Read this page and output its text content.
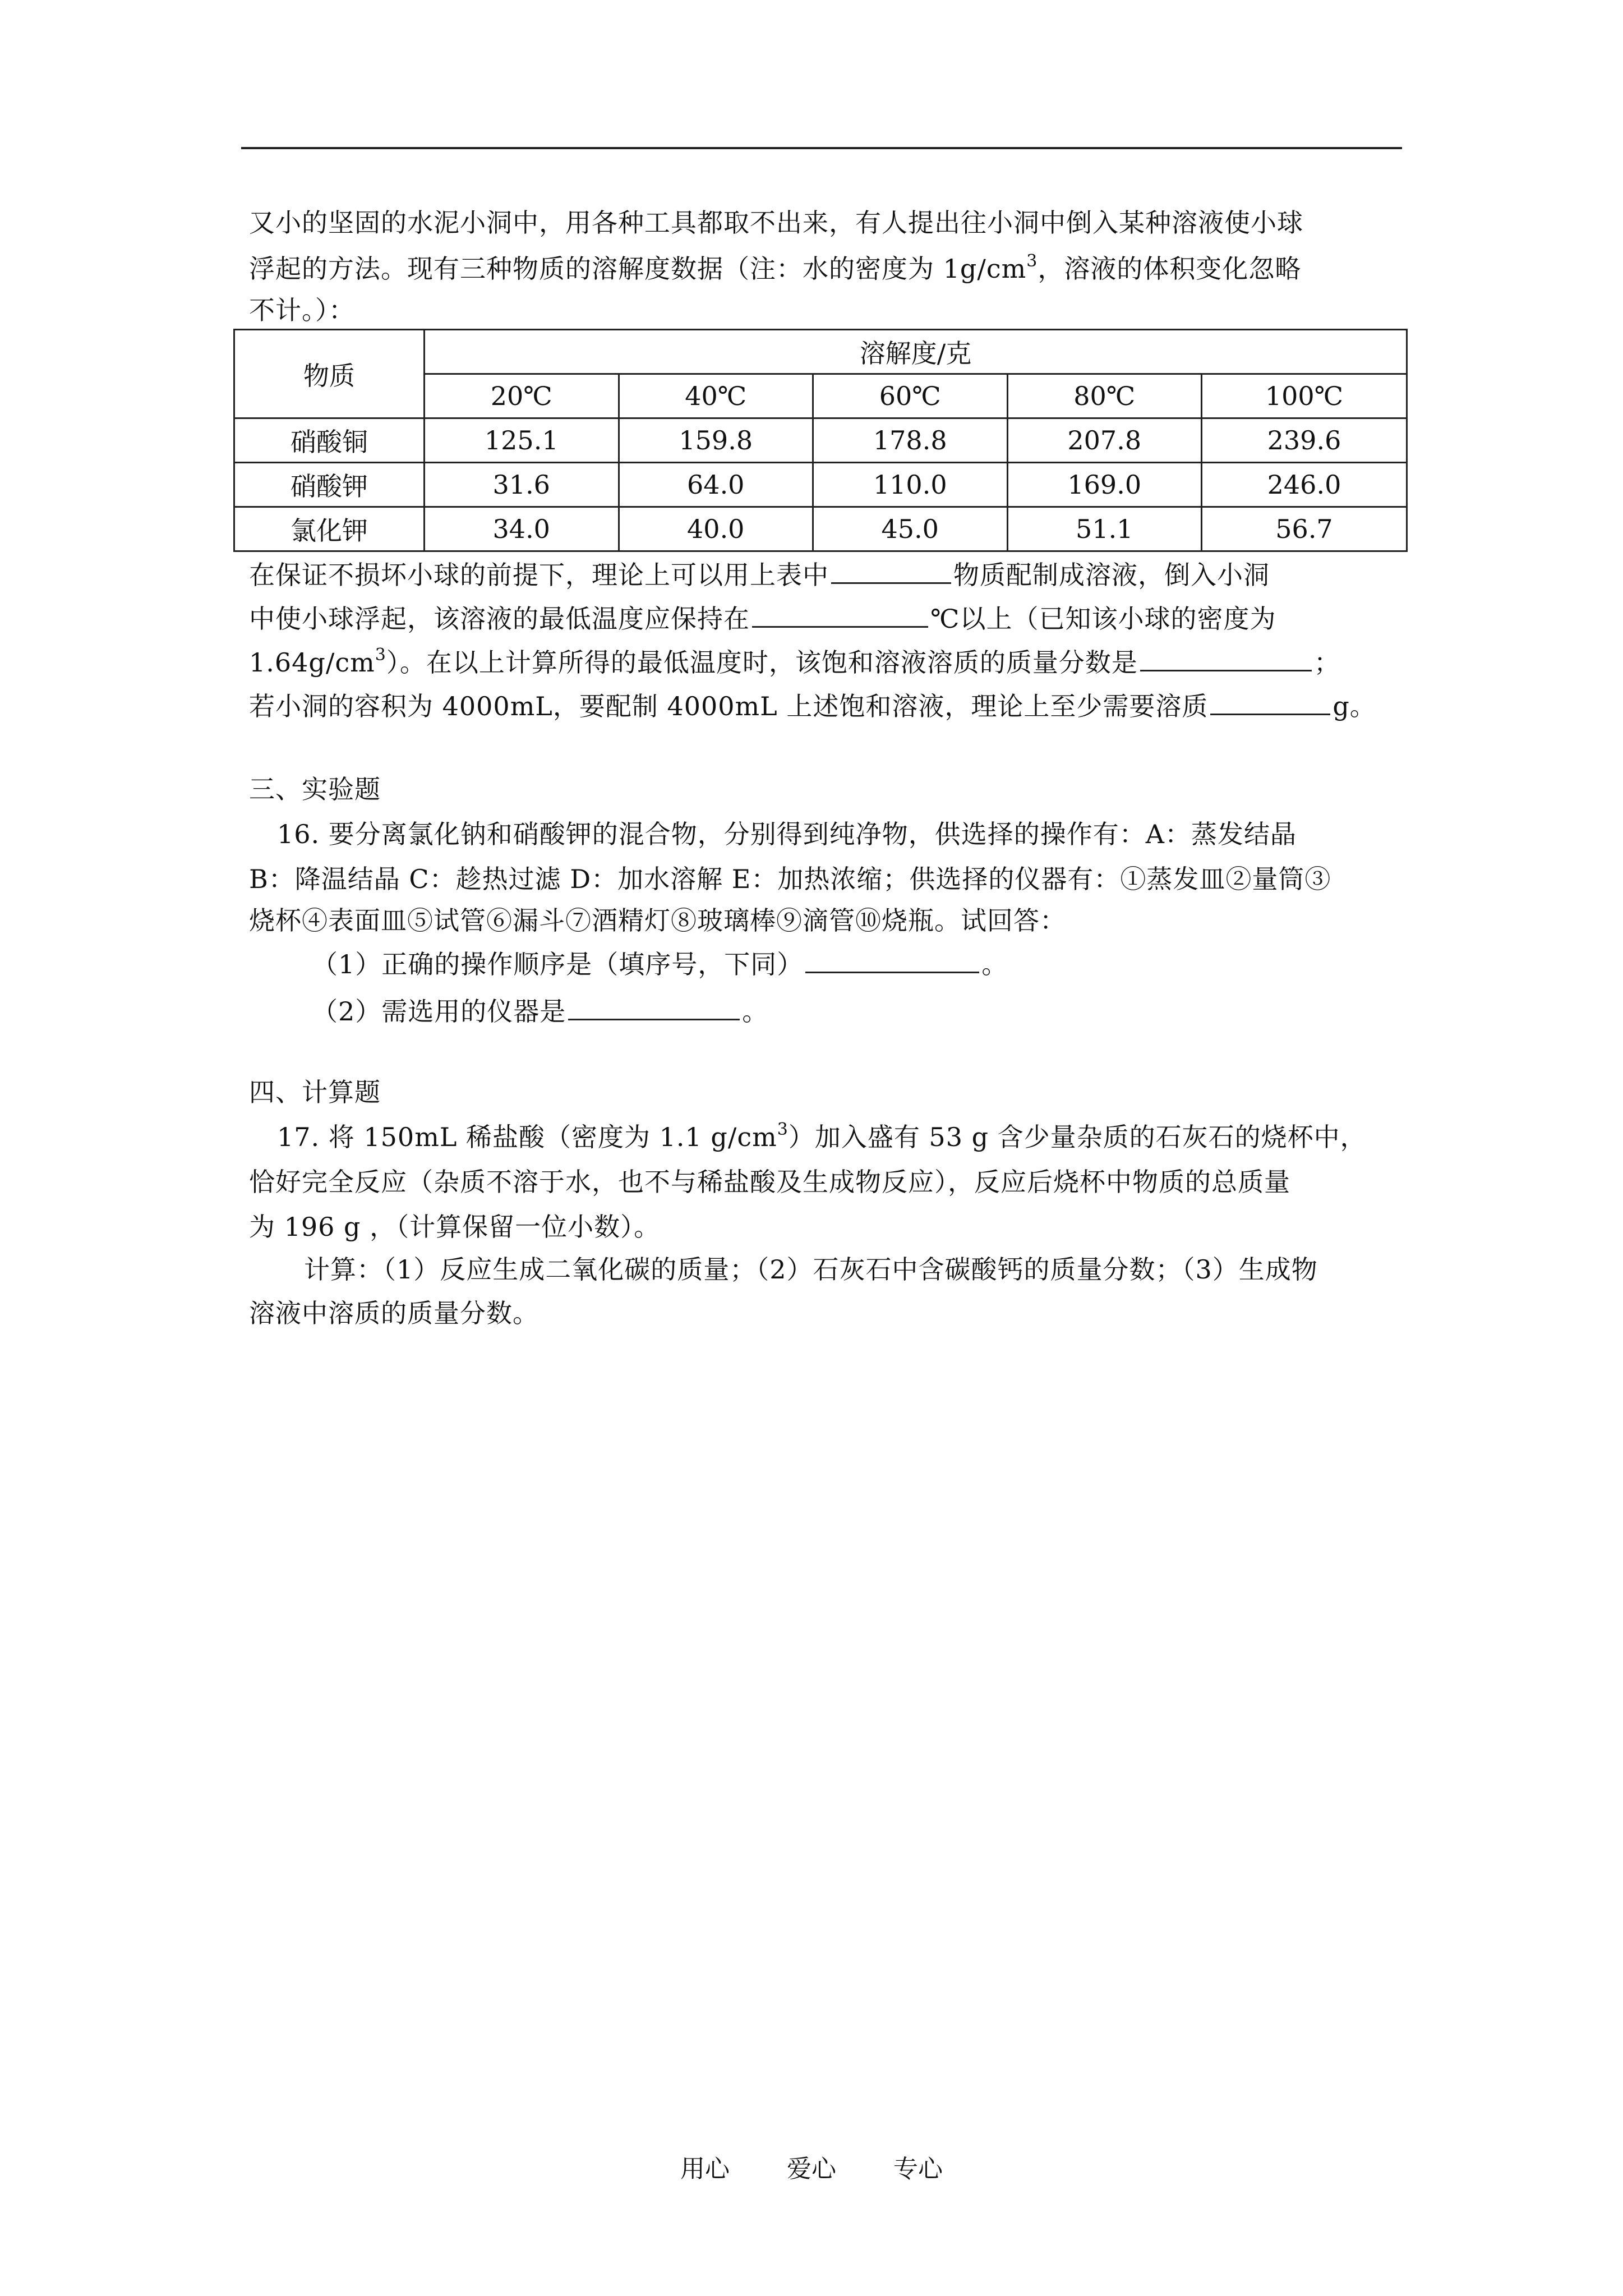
又小的坚固的水泥小洞中，用各种工具都取不出来，有人提出往小洞中倒入某种溶液使小球
浮起的方法。现有三种物质的溶解度数据（注：水的密度为 $1g/cm^3$，溶液的体积变化忽略
不计。）：
物质	溶解度/克				
	20℃	40℃	60℃	80℃	100℃
硝酸铜	125.1	159.8	178.8	207.8	239.6
硝酸钾	31.6	64.0	110.0	169.0	246.0
氯化钾	34.0	40.0	45.0	51.1	56.7
在保证不损坏小球的前提下，理论上可以用上表中	物质配制成溶液，倒入小洞
中使小球浮起，该溶液的最低温度应保持在	℃以上（已知该小球的密度为
$1.64g/cm^3$）。在以上计算所得的最低温度时，该饱和溶液溶质的质量分数是	；
若小洞的容积为 4000mL，要配制 4000mL 上述饱和溶液，理论上至少需要溶质	g。
三、实验题
16. 要分离氯化钠和硝酸钾的混合物，分别得到纯净物，供选择的操作有：A：蒸发结晶
B：降温结晶 C：趁热过滤 D：加水溶解 E：加热浓缩；供选择的仪器有：①蒸发皿②量筒③
烧杯④表面皿⑤试管⑥漏斗⑦酒精灯⑧玻璃棒⑨滴管⑩烧瓶。试回答：
（1）正确的操作顺序是（填序号，下同）	。
（2）需选用的仪器是	。
四、计算题
17. 将 150mL 稀盐酸（密度为 1.1 $g/cm^3$）加入盛有 53 g 含少量杂质的石灰石的烧杯中，
恰好完全反应（杂质不溶于水，也不与稀盐酸及生成物反应），反应后烧杯中物质的总质量
为 196 g ，（计算保留一位小数）。
计算：（1）反应生成二氧化碳的质量；（2）石灰石中含碳酸钙的质量分数；（3）生成物
溶液中溶质的质量分数。
用心 爱心 专心
